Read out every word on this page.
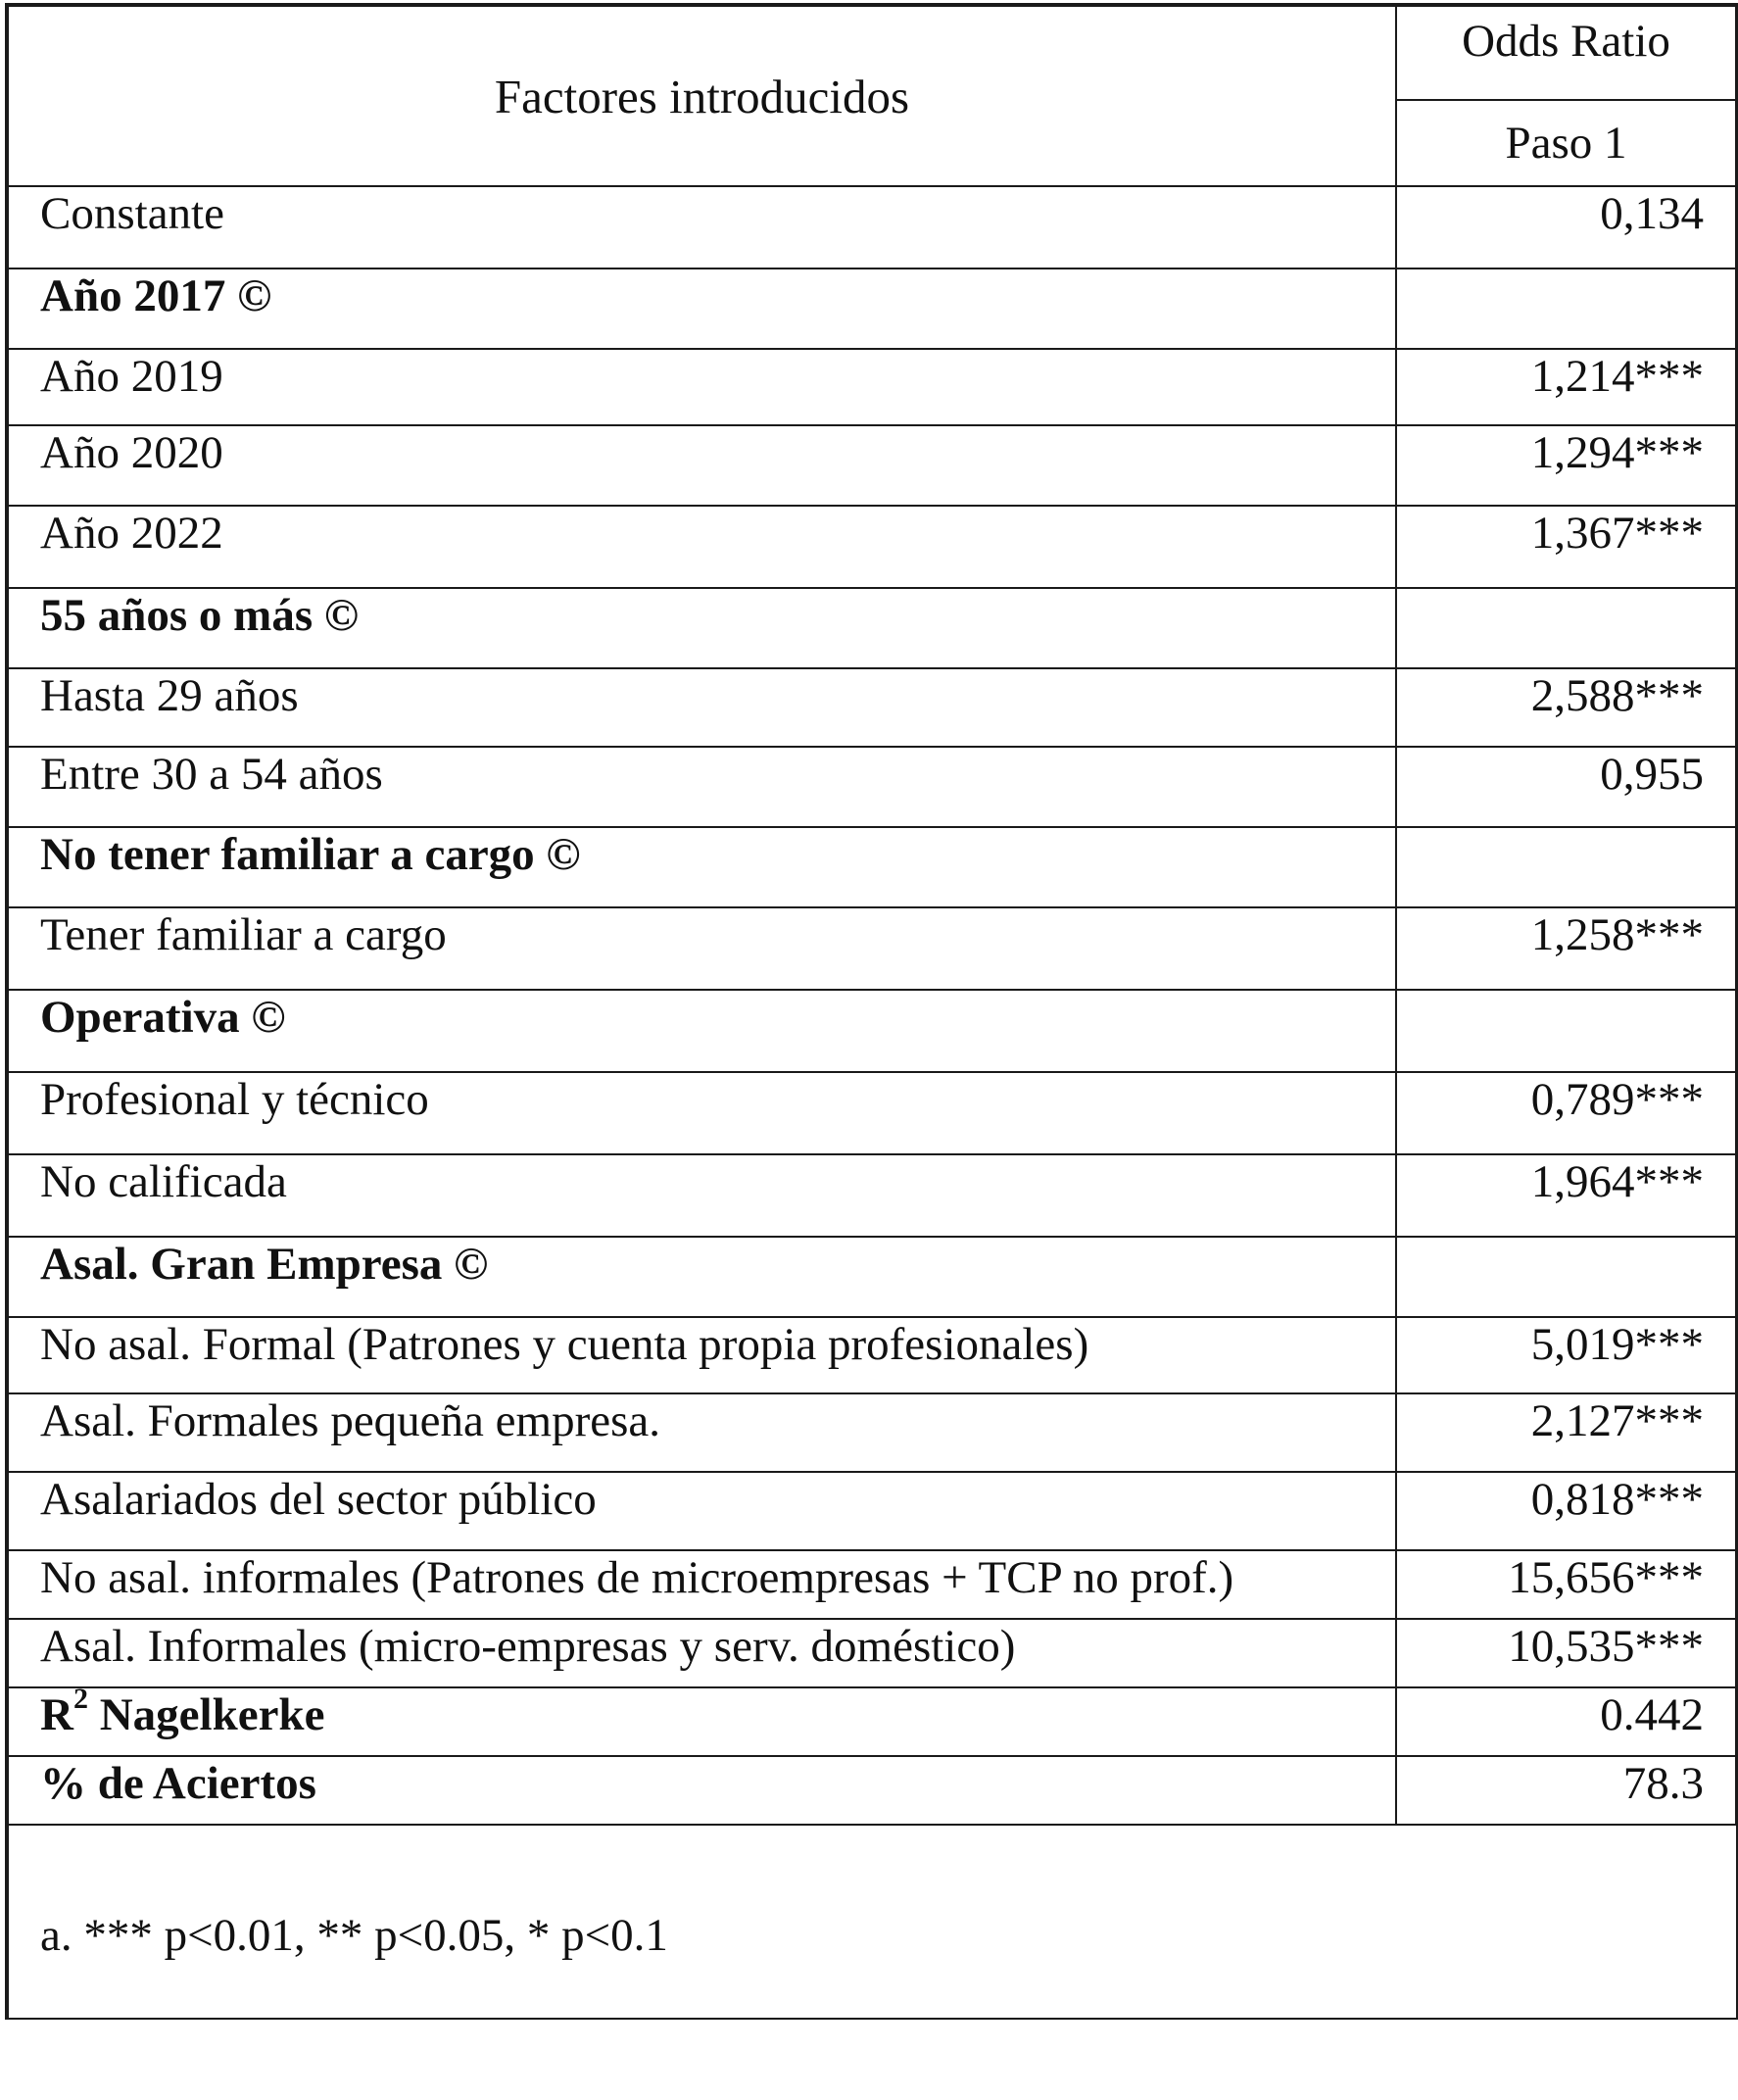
Factores introducidos	Odds Ratio
	Paso 1
Constante	0,134
Año 2017 ©	
Año 2019	1,214***
Año 2020	1,294***
Año 2022	1,367***
55 años o más ©	
Hasta 29 años	2,588***
Entre 30 a 54 años	0,955
No tener familiar a cargo ©	
Tener familiar a cargo	1,258***
Operativa ©	
Profesional y técnico	0,789***
No calificada	1,964***
Asal. Gran Empresa ©	
No asal. Formal (Patrones y cuenta propia profesionales)	5,019***
Asal. Formales pequeña empresa.	2,127***
Asalariados del sector público	0,818***
No asal. informales (Patrones de microempresas + TCP no prof.)	15,656***
Asal. Informales (micro-empresas y serv. doméstico)	10,535***
$R^2$ Nagelkerke	0.442
% de Aciertos	78.3
a. *** p<0.01, ** p<0.05, * p<0.1	
